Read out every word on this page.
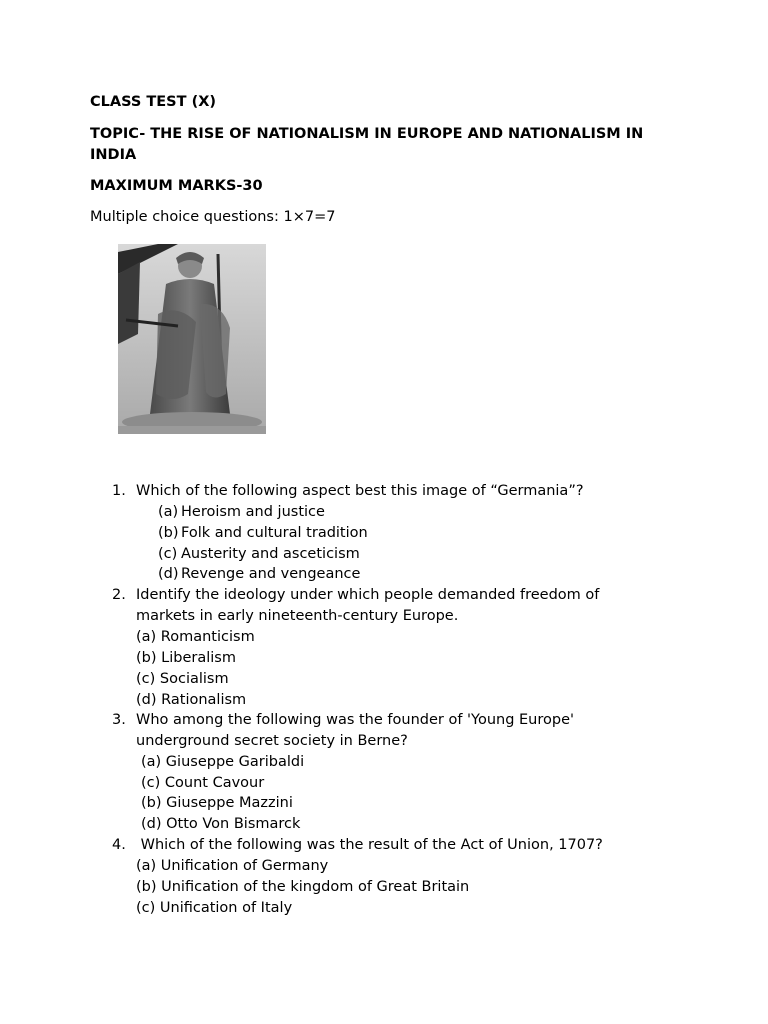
CLASS TEST (X)

TOPIC- THE RISE OF NATIONALISM IN EUROPE AND NATIONALISM IN

INDIA

MAXIMUM MARKS-30

Multiple choice questions: 1×7=7

1. Which of the following aspect best this image of “Germania”?

(a) Heroism and justice

(b) Folk and cultural tradition

(c) Austerity and asceticism

(d) Revenge and vengeance

2. Identify the ideology under which people demanded freedom of

markets in early nineteenth-century Europe.

(a) Romanticism

(b) Liberalism

(c) Socialism

(d) Rationalism

3. Who among the following was the founder of 'Young Europe'

underground secret society in Berne?

(a) Giuseppe Garibaldi

(c) Count Cavour

(b) Giuseppe Mazzini

(d) Otto Von Bismarck

4. Which of the following was the result of the Act of Union, 1707?

(a) Unification of Germany

(b) Unification of the kingdom of Great Britain

(c) Unification of Italy
